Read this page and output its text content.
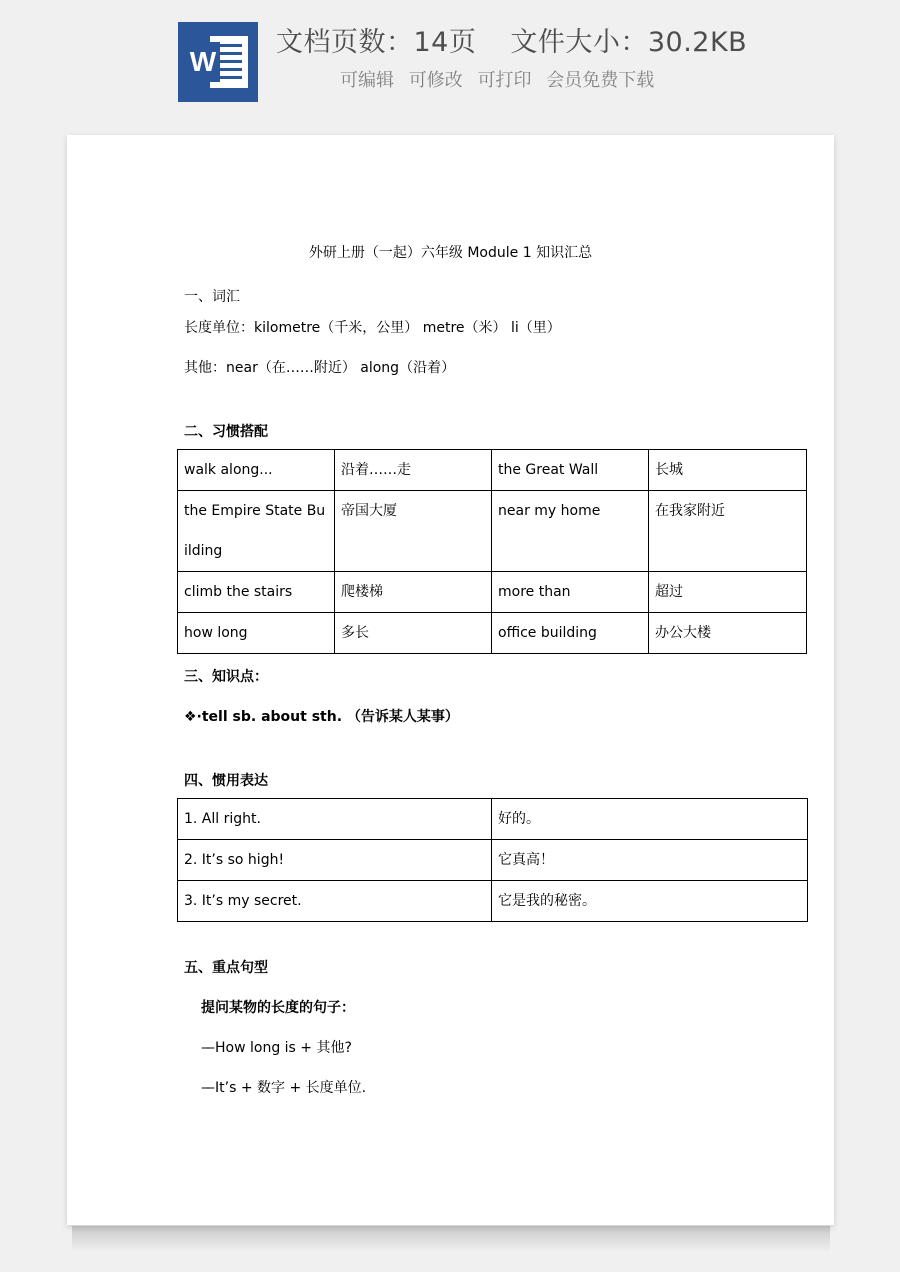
W
文档页数：14页 文件大小：30.2KB
可编辑 可修改 可打印 会员免费下载
外研上册（一起）六年级 Module 1 知识汇总
一、词汇
长度单位：kilometre（千米，公里） metre（米） li（里）
其他：near（在……附近） along（沿着）
二、习惯搭配
walk along...	沿着……走	the Great Wall	长城

the Empire State Building	帝国大厦	near my home	在我家附近

climb the stairs	爬楼梯	more than	超过

how long	多长	office building	办公大楼
三、知识点：
❖·tell sb. about sth. （告诉某人某事）
四、惯用表达
1. All right.	好的。

2. It’s so high!	它真高！

3. It’s my secret.	它是我的秘密。
五、重点句型
提问某物的长度的句子：
—How long is + 其他?
—It’s + 数字 + 长度单位.
